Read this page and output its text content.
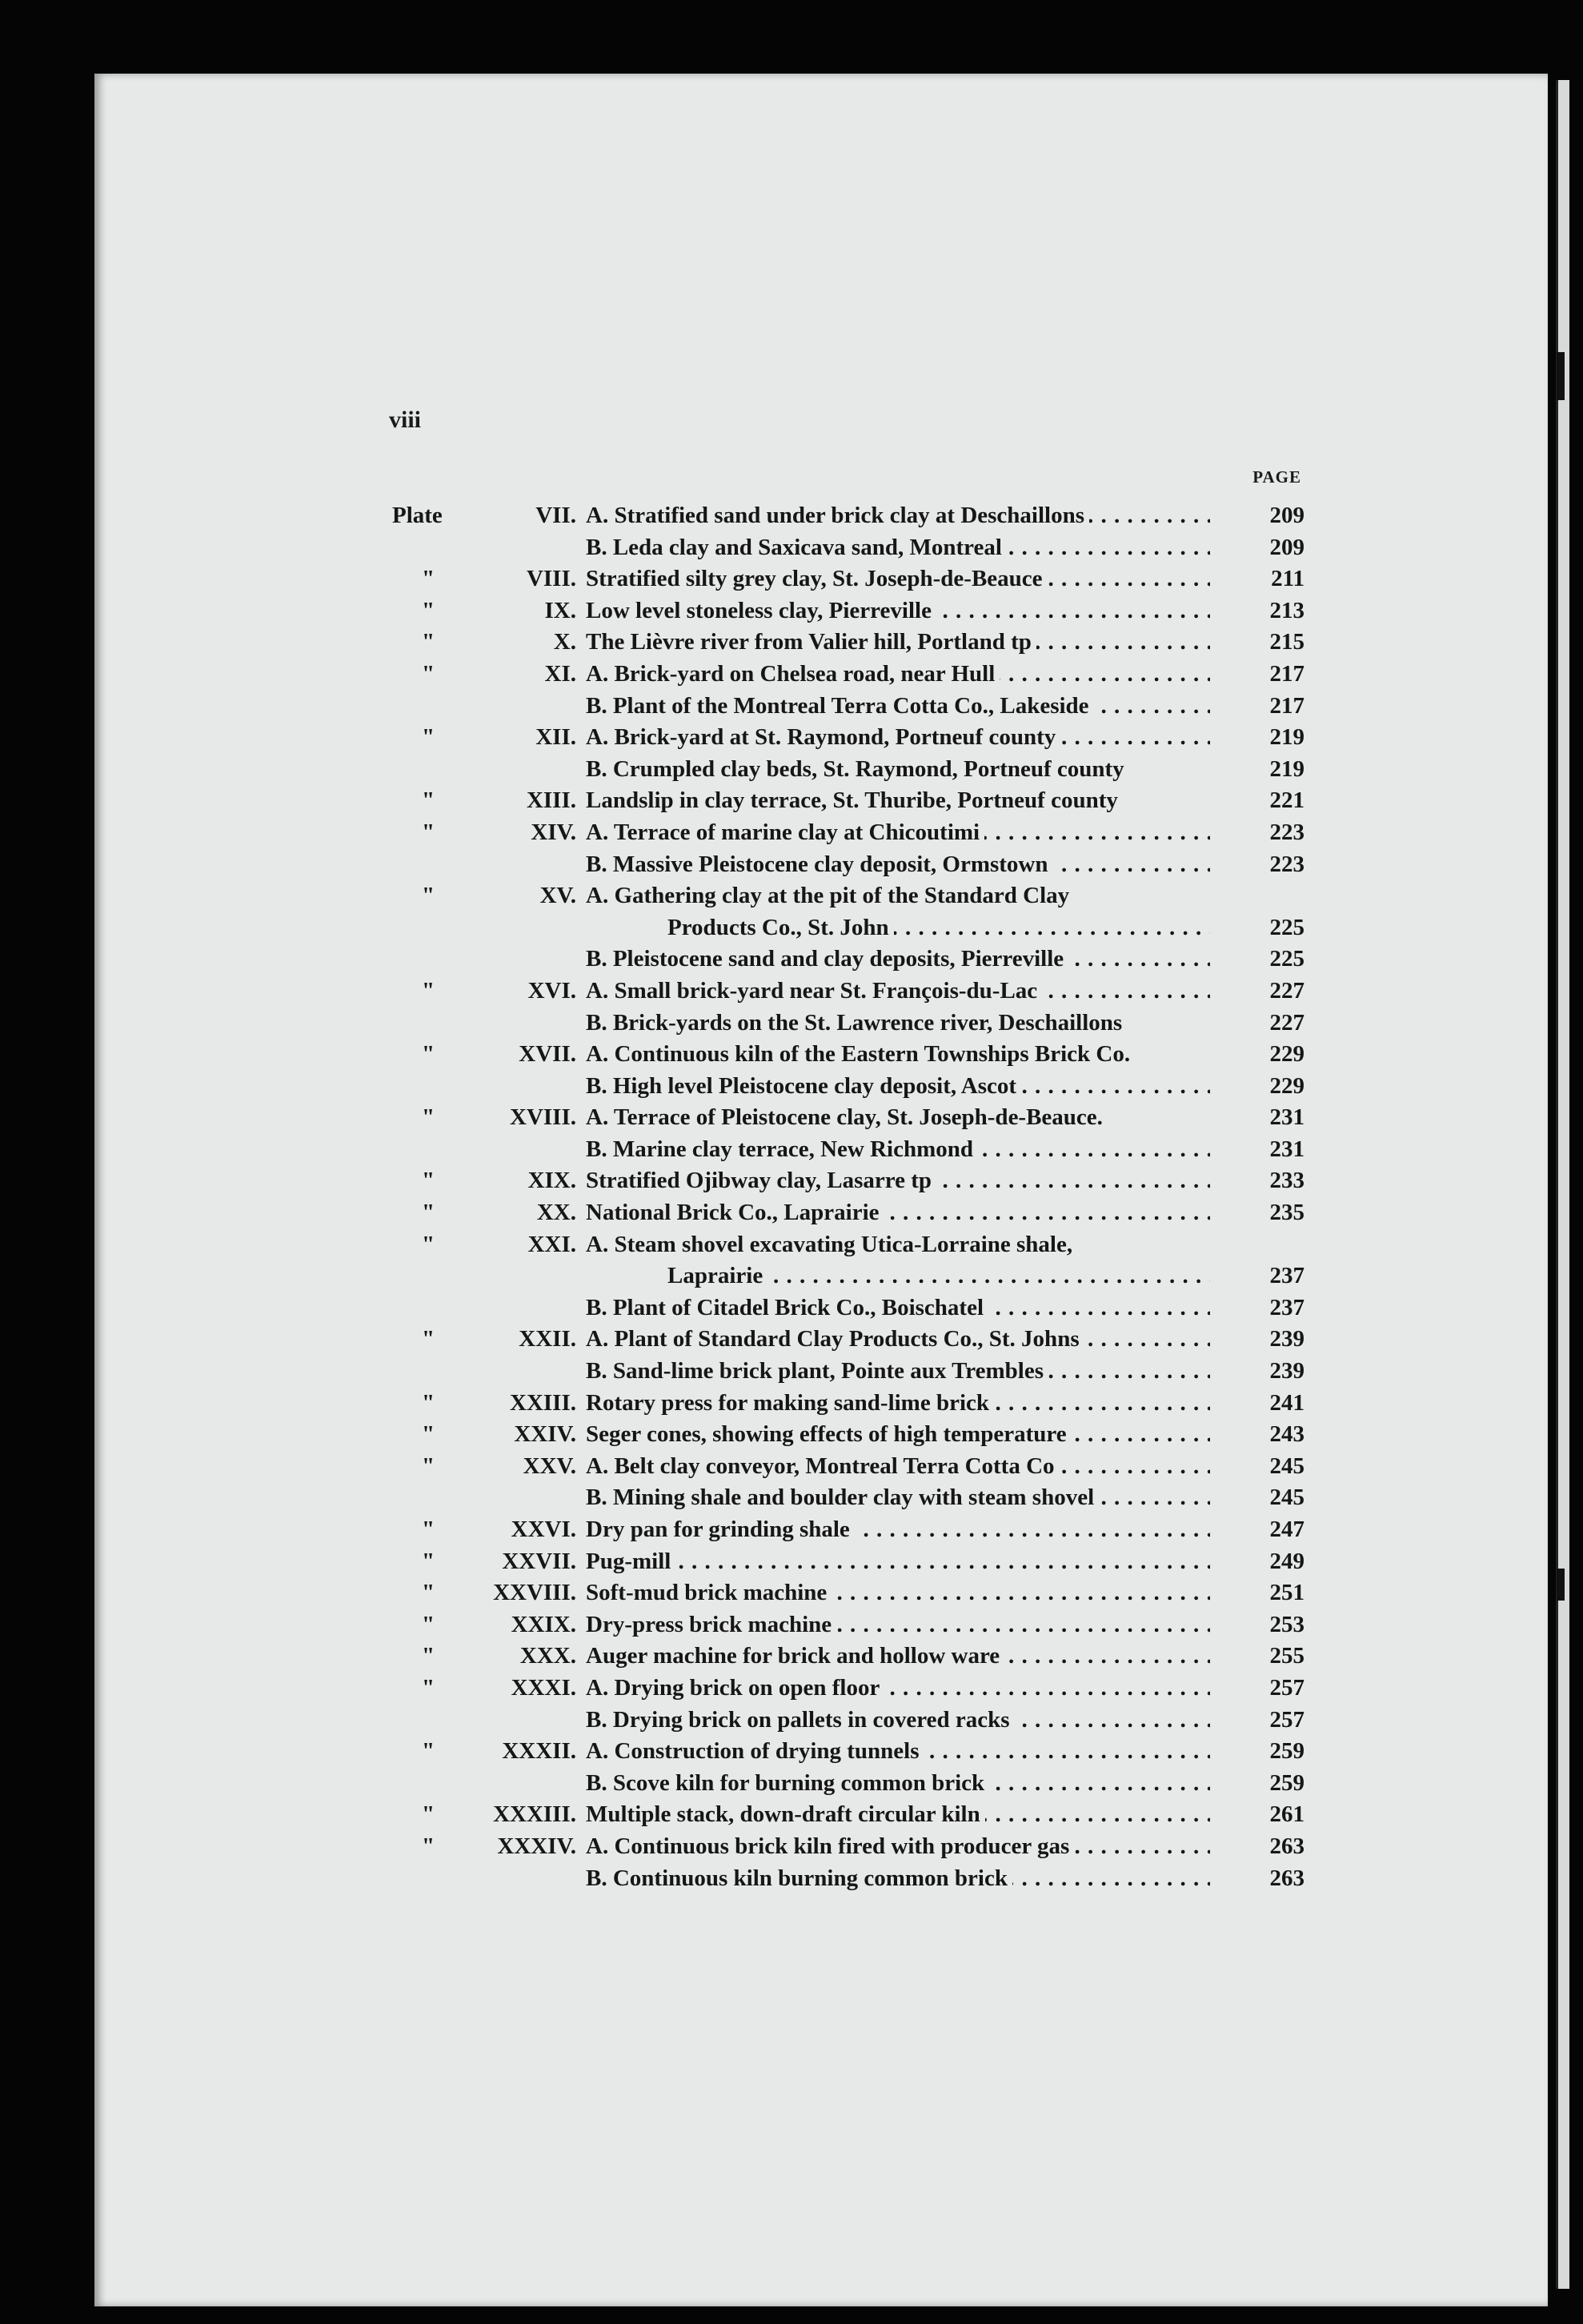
viii
PAGE
Plate	VII. A. Stratified sand under brick clay at Deschaillons . . .	209
B. Leda clay and Saxicava sand, Montreal . . .	209
"	VIII. Stratified silty grey clay, St. Joseph-de-Beauce . . .	211
"	IX. Low level stoneless clay, Pierreville . . .	213
"	X. The Lièvre river from Valier hill, Portland tp . . .	215
"	XI. A. Brick-yard on Chelsea road, near Hull . . .	217
B. Plant of the Montreal Terra Cotta Co., Lakeside . . .	217
"	XII. A. Brick-yard at St. Raymond, Portneuf county . . .	219
B. Crumpled clay beds, St. Raymond, Portneuf county	219
"	XIII. Landslip in clay terrace, St. Thuribe, Portneuf county	221
"	XIV. A. Terrace of marine clay at Chicoutimi . . .	223
B. Massive Pleistocene clay deposit, Ormstown . . .	223
"	XV. A. Gathering clay at the pit of the Standard Clay
Products Co., St. John . . .	225
B. Pleistocene sand and clay deposits, Pierreville . . .	225
"	XVI. A. Small brick-yard near St. François-du-Lac . . .	227
B. Brick-yards on the St. Lawrence river, Deschaillons	227
"	XVII. A. Continuous kiln of the Eastern Townships Brick Co.	229
B. High level Pleistocene clay deposit, Ascot . . .	229
"	XVIII. A. Terrace of Pleistocene clay, St. Joseph-de-Beauce.	231
B. Marine clay terrace, New Richmond . . .	231
"	XIX. Stratified Ojibway clay, Lasarre tp . . .	233
"	XX. National Brick Co., Laprairie . . .	235
"	XXI. A. Steam shovel excavating Utica-Lorraine shale,
Laprairie . . .	237
B. Plant of Citadel Brick Co., Boischatel . . .	237
"	XXII. A. Plant of Standard Clay Products Co., St. Johns . . .	239
B. Sand-lime brick plant, Pointe aux Trembles . . .	239
"	XXIII. Rotary press for making sand-lime brick . . .	241
"	XXIV. Seger cones, showing effects of high temperature . . .	243
"	XXV. A. Belt clay conveyor, Montreal Terra Cotta Co . . .	245
B. Mining shale and boulder clay with steam shovel . . .	245
"	XXVI. Dry pan for grinding shale . . .	247
"	XXVII. Pug-mill . . .	249
"	XXVIII. Soft-mud brick machine . . .	251
"	XXIX. Dry-press brick machine . . .	253
"	XXX. Auger machine for brick and hollow ware . . .	255
"	XXXI. A. Drying brick on open floor . . .	257
B. Drying brick on pallets in covered racks . . .	257
"	XXXII. A. Construction of drying tunnels . . .	259
B. Scove kiln for burning common brick . . .	259
"	XXXIII. Multiple stack, down-draft circular kiln . . .	261
"	XXXIV. A. Continuous brick kiln fired with producer gas . . .	263
B. Continuous kiln burning common brick . . .	263
